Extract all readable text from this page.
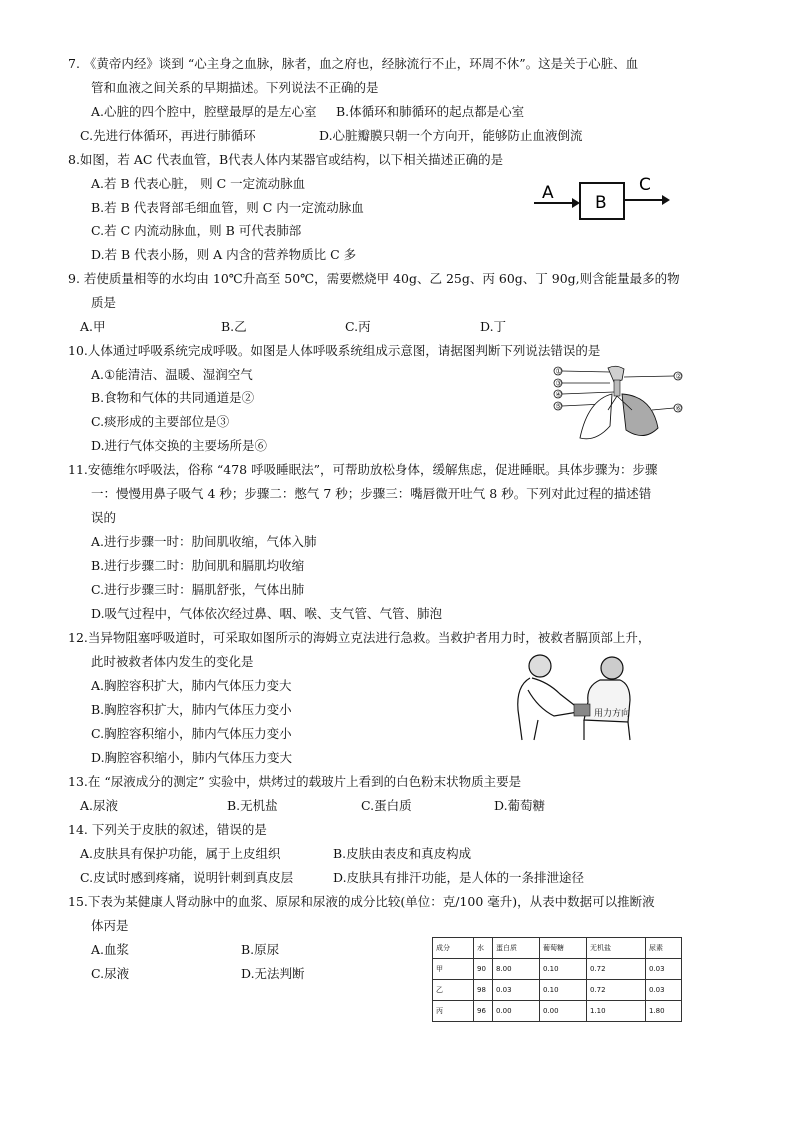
7. 《黄帝内经》谈到 “心主身之血脉，脉者，血之府也，经脉流行不止，环周不休”。这是关于心脏、血
管和血液之间关系的早期描述。下列说法不正确的是
A.心脏的四个腔中，腔壁最厚的是左心室 B.体循环和肺循环的起点都是心室
C.先进行体循环，再进行肺循环	D.心脏瓣膜只朝一个方向开，能够防止血液倒流
8.如图，若 AC 代表血管，B代表人体内某器官或结构，以下相关描述正确的是
A.若 B 代表心脏， 则 C 一定流动脉血
B.若 B 代表肾部毛细血管，则 C 内一定流动脉血
C.若 C 内流动脉血，则 B 可代表肺部
D.若 B 代表小肠，则 A 内含的营养物质比 C 多
A B
C
9. 若使质量相等的水均由 10℃升高至 50℃，需要燃烧甲 40g、乙 25g、丙 60g、丁 90g,则含能量最多的物
质是
A.甲	B.乙	C.丙	D.丁
10.人体通过呼吸系统完成呼吸。如图是人体呼吸系统组成示意图，请据图判断下列说法错误的是
A.①能清洁、温暖、湿润空气
B.食物和气体的共同通道是②
C.痰形成的主要部位是③
D.进行气体交换的主要场所是⑥
①
③
④
⑤
②
⑥
11.安德维尔呼吸法，俗称 “478 呼吸睡眠法”，可帮助放松身体，缓解焦虑，促进睡眠。具体步骤为：步骤
一：慢慢用鼻子吸气 4 秒；步骤二：憋气 7 秒；步骤三：嘴唇微开吐气 8 秒。下列对此过程的描述错
误的
A.进行步骤一时：肋间肌收缩，气体入肺
B.进行步骤二时：肋间肌和膈肌均收缩
C.进行步骤三时：膈肌舒张，气体出肺
D.吸气过程中，气体依次经过鼻、咽、喉、支气管、气管、肺泡
12.当异物阻塞呼吸道时，可采取如图所示的海姆立克法进行急救。当救护者用力时，被救者膈顶部上升，
此时被救者体内发生的变化是
A.胸腔容积扩大，肺内气体压力变大
B.胸腔容积扩大，肺内气体压力变小
C.胸腔容积缩小，肺内气体压力变小
D.胸腔容积缩小，肺内气体压力变大
用力方向
13.在 “尿液成分的测定” 实验中，烘烤过的载玻片上看到的白色粉末状物质主要是
A.尿液	B.无机盐	C.蛋白质	D.葡萄糖
14. 下列关于皮肤的叙述，错误的是
A.皮肤具有保护功能，属于上皮组织	B.皮肤由表皮和真皮构成
C.皮试时感到疼痛，说明针刺到真皮层	D.皮肤具有排汗功能，是人体的一条排泄途径
15.下表为某健康人肾动脉中的血浆、原尿和尿液的成分比较(单位：克/100 毫升)，从表中数据可以推断液
体丙是
A.血浆	B.原尿
C.尿液	D.无法判断
成分	水	蛋白质	葡萄糖	无机盐	尿素
甲	90	8.00	0.10	0.72	0.03
乙	98	0.03	0.10	0.72	0.03
丙	96	0.00	0.00	1.10	1.80
